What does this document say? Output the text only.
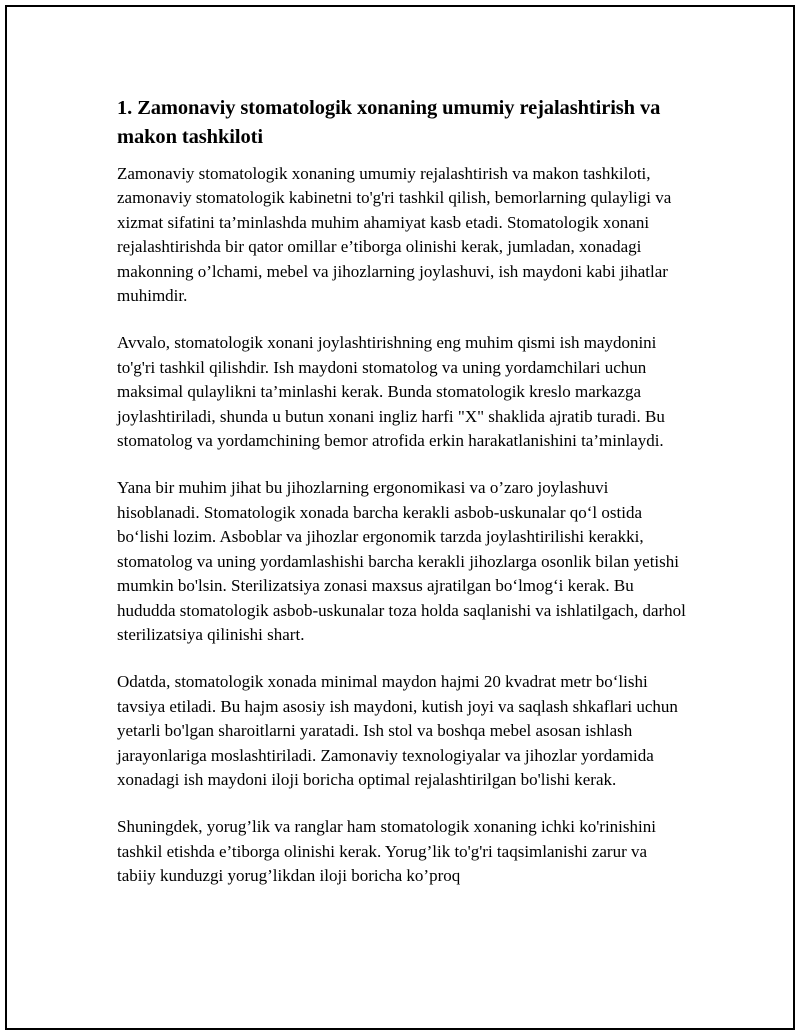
1. Zamonaviy stomatologik xonaning umumiy rejalashtirish va makon tashkiloti

Zamonaviy stomatologik xonaning umumiy rejalashtirish va makon tashkiloti, zamonaviy stomatologik kabinetni to'g'ri tashkil qilish, bemorlarning qulayligi va xizmat sifatini ta’minlashda muhim ahamiyat kasb etadi. Stomatologik xonani rejalashtirishda bir qator omillar e’tiborga olinishi kerak, jumladan, xonadagi makonning o’lchami, mebel va jihozlarning joylashuvi, ish maydoni kabi jihatlar muhimdir.

Avvalo, stomatologik xonani joylashtirishning eng muhim qismi ish maydonini to'g'ri tashkil qilishdir. Ish maydoni stomatolog va uning yordamchilari uchun maksimal qulaylikni ta’minlashi kerak. Bunda stomatologik kreslo markazga joylashtiriladi, shunda u butun xonani ingliz harfi "X" shaklida ajratib turadi. Bu stomatolog va yordamchining bemor atrofida erkin harakatlanishini ta’minlaydi.

Yana bir muhim jihat bu jihozlarning ergonomikasi va o’zaro joylashuvi hisoblanadi. Stomatologik xonada barcha kerakli asbob-uskunalar qo‘l ostida bo‘lishi lozim. Asboblar va jihozlar ergonomik tarzda joylashtirilishi kerakki, stomatolog va uning yordamlashishi barcha kerakli jihozlarga osonlik bilan yetishi mumkin bo'lsin. Sterilizatsiya zonasi maxsus ajratilgan bo‘lmog‘i kerak. Bu hududda stomatologik asbob-uskunalar toza holda saqlanishi va ishlatilgach, darhol sterilizatsiya qilinishi shart.

Odatda, stomatologik xonada minimal maydon hajmi 20 kvadrat metr bo‘lishi tavsiya etiladi. Bu hajm asosiy ish maydoni, kutish joyi va saqlash shkaflari uchun yetarli bo'lgan sharoitlarni yaratadi. Ish stol va boshqa mebel asosan ishlash jarayonlariga moslashtiriladi. Zamonaviy texnologiyalar va jihozlar yordamida xonadagi ish maydoni iloji boricha optimal rejalashtirilgan bo'lishi kerak.

Shuningdek, yorug’lik va ranglar ham stomatologik xonaning ichki ko'rinishini tashkil etishda e’tiborga olinishi kerak. Yorug’lik to'g'ri taqsimlanishi zarur va tabiiy kunduzgi yorug’likdan iloji boricha ko’proq
